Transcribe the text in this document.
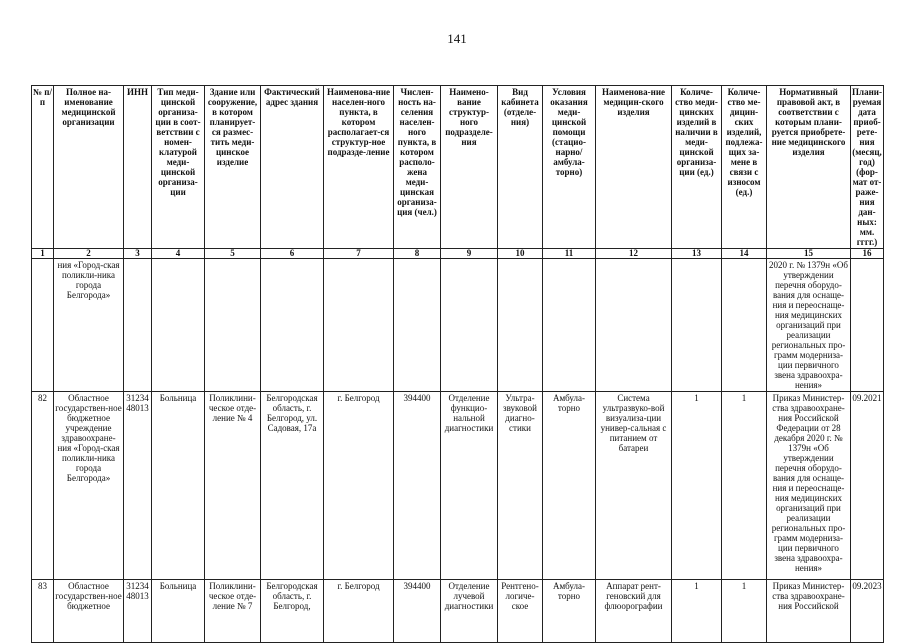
141
№ п/п	Полное на-именование медицинской организации	ИНН	Тип меди-цинской организа-ции в соот-ветствии с номен-клатурой меди-цинской организа-ции	Здание или сооружение, в котором планирует-ся размес-тить меди-цинское изделие	Фактический адрес здания	Наименова-ние населен-ного пункта, в котором располагает-ся структур-ное подразде-ление	Числен-ность на-селения населен-ного пункта, в котором располо-жена меди-цинская организа-ция (чел.)	Наимено-вание структур-ного подразделе-ния	Вид кабинета (отделе-ния)	Условия оказания меди-цинской помощи (стацио-нарно/ амбула-торно)	Наименова-ние медицин-ского изделия	Количе-ство меди-цинских изделий в наличии в меди-цинской организа-ции (ед.)	Количе-ство ме-дицин-ских изделий, подлежа-щих за-мене в связи с износом (ед.)	Нормативный правовой акт, в соответствии с которым плани-руется приобрете-ние медицинского изделия	Плани-руемая дата приоб-рете-ния (месяц, год) (фор-мат от-раже-ния дан-ных: мм. гггг.)
1	2	3	4	5	6	7	8	9	10	11	12	13	14	15	16
	ния «Город-ская поликли-ника города Белгорода»													2020 г. № 1379н «Об утверждении перечня оборудо-вания для оснаще-ния и переоснаще-ния медицинских организаций при реализации региональных про-грамм модерниза-ции первичного звена здравоохра-нения»	
82	Областное государствен-ное бюджетное учреждение здравоохране-ния «Город-ская поликли-ника города Белгорода»	3123448013	Больница	Поликлини-ческое отде-ление № 4	Белгородская область, г. Белгород, ул. Садовая, 17а	г. Белгород	394400	Отделение функцио-нальной диагностики	Ультра-звуковой диагно-стики	Амбула-торно	Система ультразвуко-вой визуализа-ции универ-сальная с питанием от батареи	1	1	Приказ Министер-ства здравоохране-ния Российской Федерации от 28 декабря 2020 г. № 1379н «Об утверждении перечня оборудо-вания для оснаще-ния и переоснаще-ния медицинских организаций при реализации региональных про-грамм модерниза-ции первичного звена здравоохра-нения»	09.2021
83	Областное государствен-ное бюджетное	3123448013	Больница	Поликлини-ческое отде-ление № 7	Белгородская область, г. Белгород,	г. Белгород	394400	Отделение лучевой диагностики	Рентгено-логиче-ское	Амбула-торно	Аппарат рент-геновский для флюорографии	1	1	Приказ Министер-ства здравоохране-ния Российской	09.2023
